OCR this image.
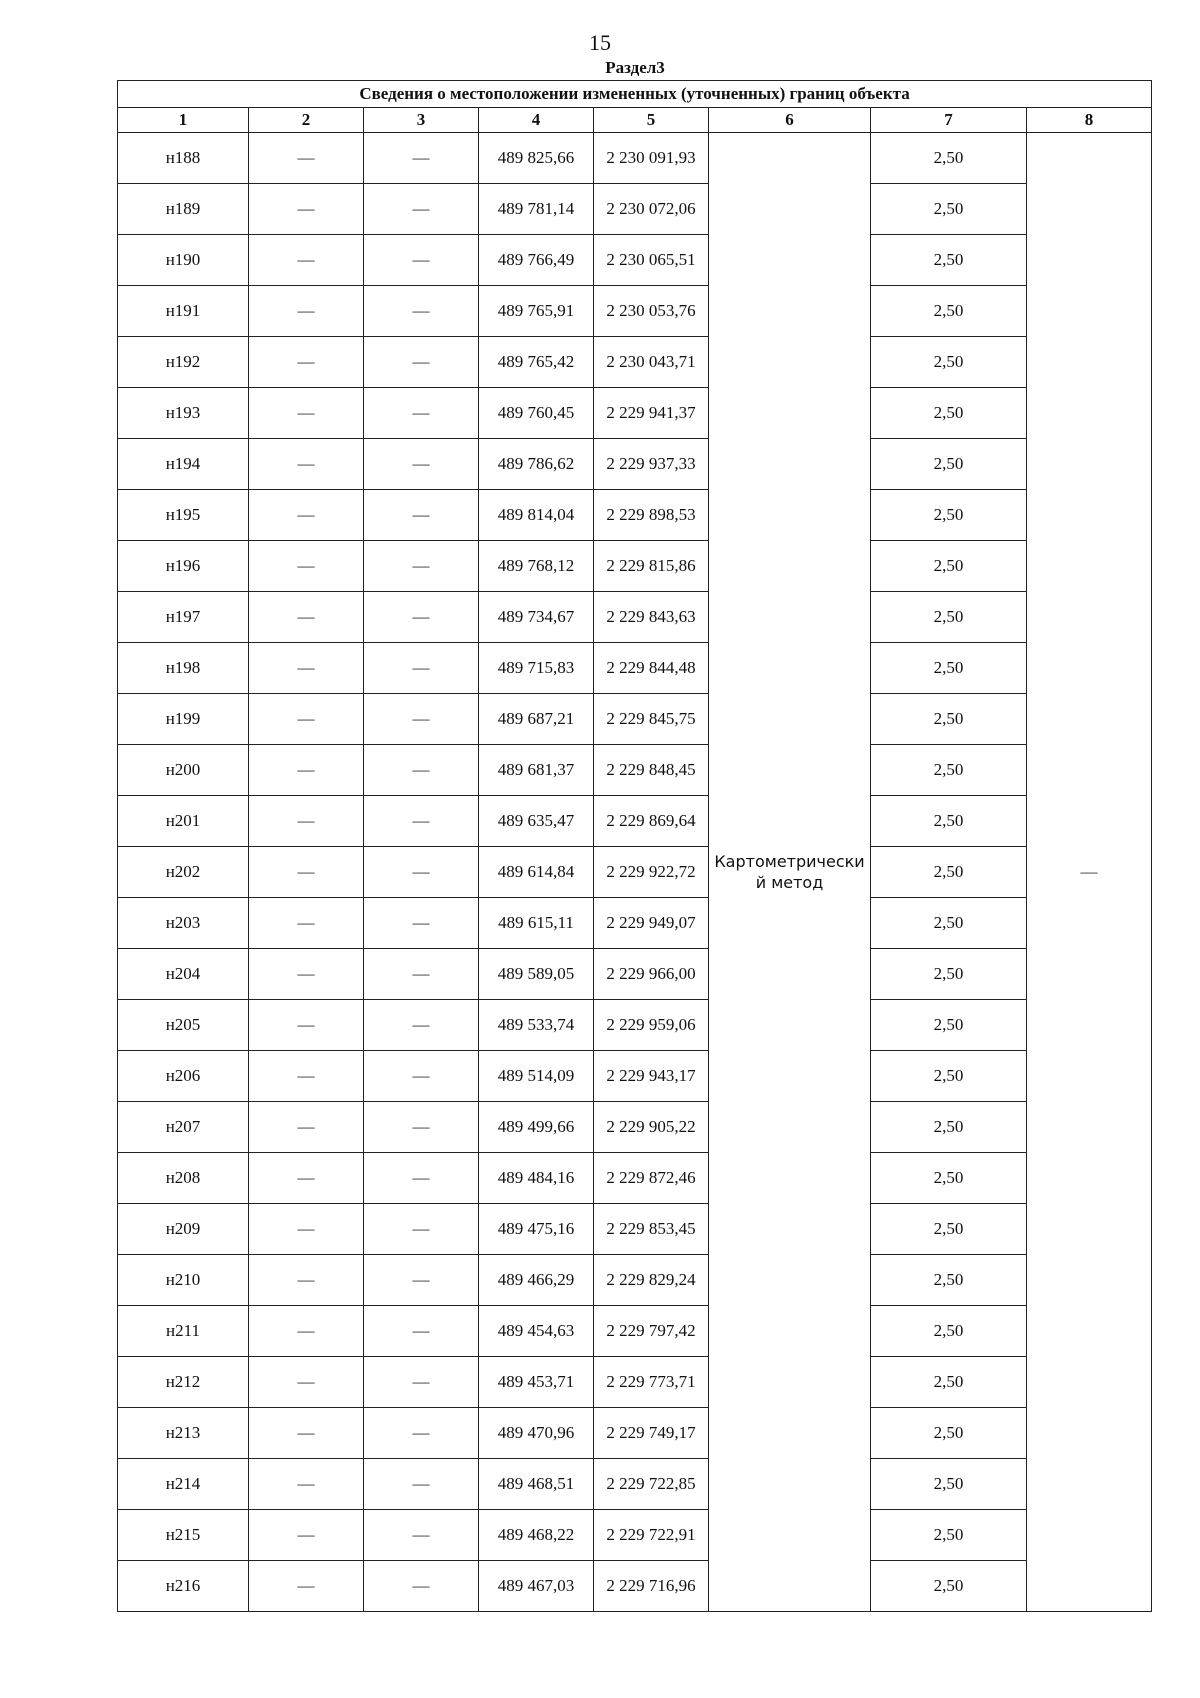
15
Раздел3
Сведения о местоположении измененных (уточненных) границ объекта							
1	2	3	4	5	6	7	8
н188	—	—	489 825,66	2 230 091,93	Картометрически й метод	2,50	—
н189	—	—	489 781,14	2 230 072,06		2,50	
н190	—	—	489 766,49	2 230 065,51		2,50	
н191	—	—	489 765,91	2 230 053,76		2,50	
н192	—	—	489 765,42	2 230 043,71		2,50	
н193	—	—	489 760,45	2 229 941,37		2,50	
н194	—	—	489 786,62	2 229 937,33		2,50	
н195	—	—	489 814,04	2 229 898,53		2,50	
н196	—	—	489 768,12	2 229 815,86		2,50	
н197	—	—	489 734,67	2 229 843,63		2,50	
н198	—	—	489 715,83	2 229 844,48		2,50	
н199	—	—	489 687,21	2 229 845,75		2,50	
н200	—	—	489 681,37	2 229 848,45		2,50	
н201	—	—	489 635,47	2 229 869,64		2,50	
н202	—	—	489 614,84	2 229 922,72		2,50	
н203	—	—	489 615,11	2 229 949,07		2,50	
н204	—	—	489 589,05	2 229 966,00		2,50	
н205	—	—	489 533,74	2 229 959,06		2,50	
н206	—	—	489 514,09	2 229 943,17		2,50	
н207	—	—	489 499,66	2 229 905,22		2,50	
н208	—	—	489 484,16	2 229 872,46		2,50	
н209	—	—	489 475,16	2 229 853,45		2,50	
н210	—	—	489 466,29	2 229 829,24		2,50	
н211	—	—	489 454,63	2 229 797,42		2,50	
н212	—	—	489 453,71	2 229 773,71		2,50	
н213	—	—	489 470,96	2 229 749,17		2,50	
н214	—	—	489 468,51	2 229 722,85		2,50	
н215	—	—	489 468,22	2 229 722,91		2,50	
н216	—	—	489 467,03	2 229 716,96		2,50	
